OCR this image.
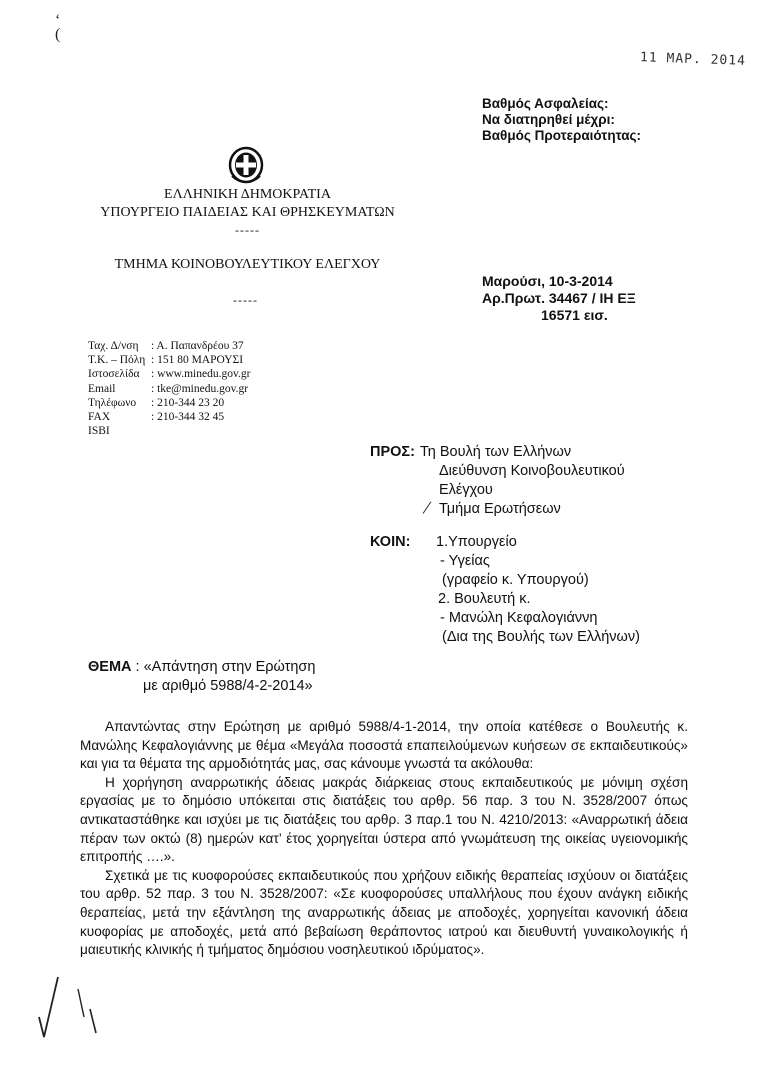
ʻ
(
11 ΜΑΡ. 2014
Βαθμός Ασφαλείας:
Να διατηρηθεί μέχρι:
Βαθμός Προτεραιότητας:
ΕΛΛΗΝΙΚΗ ΔΗΜΟΚΡΑΤΙΑ
ΥΠΟΥΡΓΕΙΟ ΠΑΙΔΕΙΑΣ ΚΑΙ ΘΡΗΣΚΕΥΜΑΤΩΝ
-----
ΤΜΗΜΑ ΚΟΙΝΟΒΟΥΛΕΥΤΙΚΟΥ ΕΛΕΓΧΟΥ
-----
Μαρούσι, 10-3-2014
Αρ.Πρωτ. 34467 / ΙΗ ΕΞ
16571 εισ.
Ταχ. Δ/νση	: Α. Παπανδρέου 37
Τ.Κ. – Πόλη : 151 80 ΜΑΡΟΥΣΙ
Ιστοσελίδα : www.minedu.gov.gr
Email	: tke@minedu.gov.gr
Τηλέφωνο	: 210-344 23 20
FAX	: 210-344 32 45
ISBI
ΠΡΟΣ: Τη Βουλή των Ελλήνων
Διεύθυνση Κοινοβουλευτικού
Ελέγχου
Τμήμα Ερωτήσεων
/
ΚΟΙΝ: 1.Υπουργείο
- Υγείας
(γραφείο κ. Υπουργού)
2. Βουλευτή κ.
- Μανώλη Κεφαλογιάννη
(Δια της Βουλής των Ελλήνων)
ΘΕΜΑ : «Απάντηση στην Ερώτηση
με αριθμό 5988/4-2-2014»

Απαντώντας στην Ερώτηση με αριθμό 5988/4-1-2014, την οποία κατέθεσε ο Βουλευτής κ. Μανώλης Κεφαλογιάννης με θέμα «Μεγάλα ποσοστά επαπειλούμενων κυήσεων σε εκπαιδευτικούς» και για τα θέματα της αρμοδιότητάς μας, σας κάνουμε γνωστά τα ακόλουθα:

Η χορήγηση αναρρωτικής άδειας μακράς διάρκειας στους εκπαιδευτικούς με μόνιμη σχέση εργασίας με το δημόσιο υπόκειται στις διατάξεις του αρθρ. 56 παρ. 3 του Ν. 3528/2007 όπως αντικαταστάθηκε και ισχύει με τις διατάξεις του αρθρ. 3 παρ.1 του Ν. 4210/2013: «Αναρρωτική άδεια πέραν των οκτώ (8) ημερών κατ’ έτος χορηγείται ύστερα από γνωμάτευση της οικείας υγειονομικής επιτροπής ….».

Σχετικά με τις κυοφορούσες εκπαιδευτικούς που χρήζουν ειδικής θεραπείας ισχύουν οι διατάξεις του αρθρ. 52 παρ. 3 του Ν. 3528/2007: «Σε κυοφορούσες υπαλλήλους που έχουν ανάγκη ειδικής θεραπείας, μετά την εξάντληση της αναρρωτικής άδειας με αποδοχές, χορηγείται κανονική άδεια κυοφορίας με αποδοχές, μετά από βεβαίωση θεράποντος ιατρού και διευθυντή γυναικολογικής ή μαιευτικής κλινικής ή τμήματος δημόσιου νοσηλευτικού ιδρύματος».
